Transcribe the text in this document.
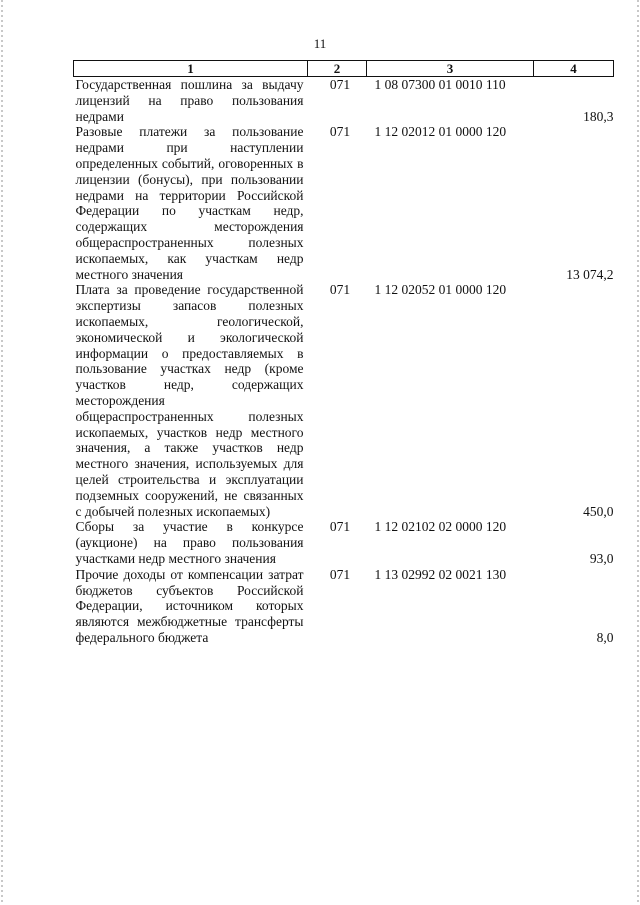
11
1	2	3	4
Государственная пошлина за выдачу лицензий на право пользования недрами	071	1 08 07300 01 0010 110	180,3
Разовые платежи за пользование недрами при наступлении определенных событий, оговоренных в лицензии (бонусы), при пользовании недрами на территории Российской Федерации по участкам недр, содержащих месторождения общераспространенных полезных ископаемых, как участкам недр местного значения	071	1 12 02012 01 0000 120	13 074,2
Плата за проведение государственной экспертизы запасов полезных ископаемых, геологической, экономической и экологической информации о предоставляемых в пользование участках недр (кроме участков недр, содержащих месторождения общераспространенных полезных ископаемых, участков недр местного значения, а также участков недр местного значения, используемых для целей строительства и эксплуатации подземных сооружений, не связанных с добычей полезных ископаемых)	071	1 12 02052 01 0000 120	450,0
Сборы за участие в конкурсе (аукционе) на право пользования участками недр местного значения	071	1 12 02102 02 0000 120	93,0
Прочие доходы от компенсации затрат бюджетов субъектов Российской Федерации, источником которых являются межбюджетные трансферты федерального бюджета	071	1 13 02992 02 0021 130	8,0
